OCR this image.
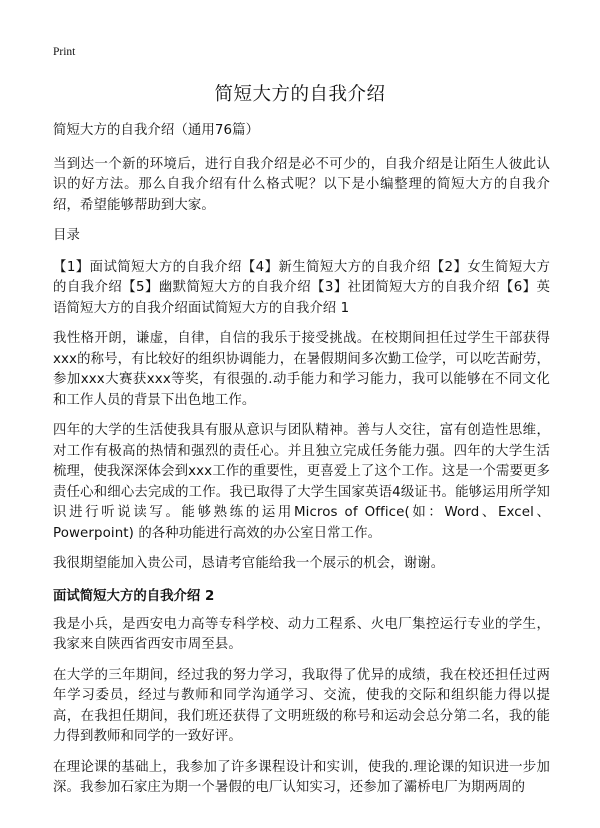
Print
简短大方的自我介绍

简短大方的自我介绍（通用76篇）

当到达一个新的环境后，进行自我介绍是必不可少的，自我介绍是让陌生人彼此认识的好方法。那么自我介绍有什么格式呢？以下是小编整理的简短大方的自我介绍，希望能够帮助到大家。

目录

【1】面试简短大方的自我介绍【4】新生简短大方的自我介绍【2】女生简短大方的自我介绍【5】幽默简短大方的自我介绍【3】社团简短大方的自我介绍【6】英语简短大方的自我介绍面试简短大方的自我介绍 1

我性格开朗，谦虚，自律，自信的我乐于接受挑战。在校期间担任过学生干部获得xxx的称号，有比较好的组织协调能力，在暑假期间多次勤工俭学，可以吃苦耐劳，参加xxx大赛获xxx等奖，有很强的.动手能力和学习能力，我可以能够在不同文化和工作人员的背景下出色地工作。

四年的大学的生活使我具有服从意识与团队精神。善与人交往，富有创造性思维，对工作有极高的热情和强烈的责任心。并且独立完成任务能力强。四年的大学生活梳理，使我深深体会到xxx工作的重要性，更喜爱上了这个工作。这是一个需要更多责任心和细心去完成的工作。我已取得了大学生国家英语4级证书。能够运用所学知识进行听说读写。能够熟练的运用Micros of Office(如：Word、Excel、Powerpoint) 的各种功能进行高效的办公室日常工作。

我很期望能加入贵公司，恳请考官能给我一个展示的机会，谢谢。

面试简短大方的自我介绍 2

我是小兵，是西安电力高等专科学校、动力工程系、火电厂集控运行专业的学生，我家来自陕西省西安市周至县。

在大学的三年期间，经过我的努力学习，我取得了优异的成绩，我在校还担任过两年学习委员，经过与教师和同学沟通学习、交流，使我的交际和组织能力得以提高，在我担任期间，我们班还获得了文明班级的称号和运动会总分第二名，我的能力得到教师和同学的一致好评。

在理论课的基础上，我参加了许多课程设计和实训，使我的.理论课的知识进一步加深。我参加石家庄为期一个暑假的电厂认知实习，还参加了灞桥电厂为期两周的
